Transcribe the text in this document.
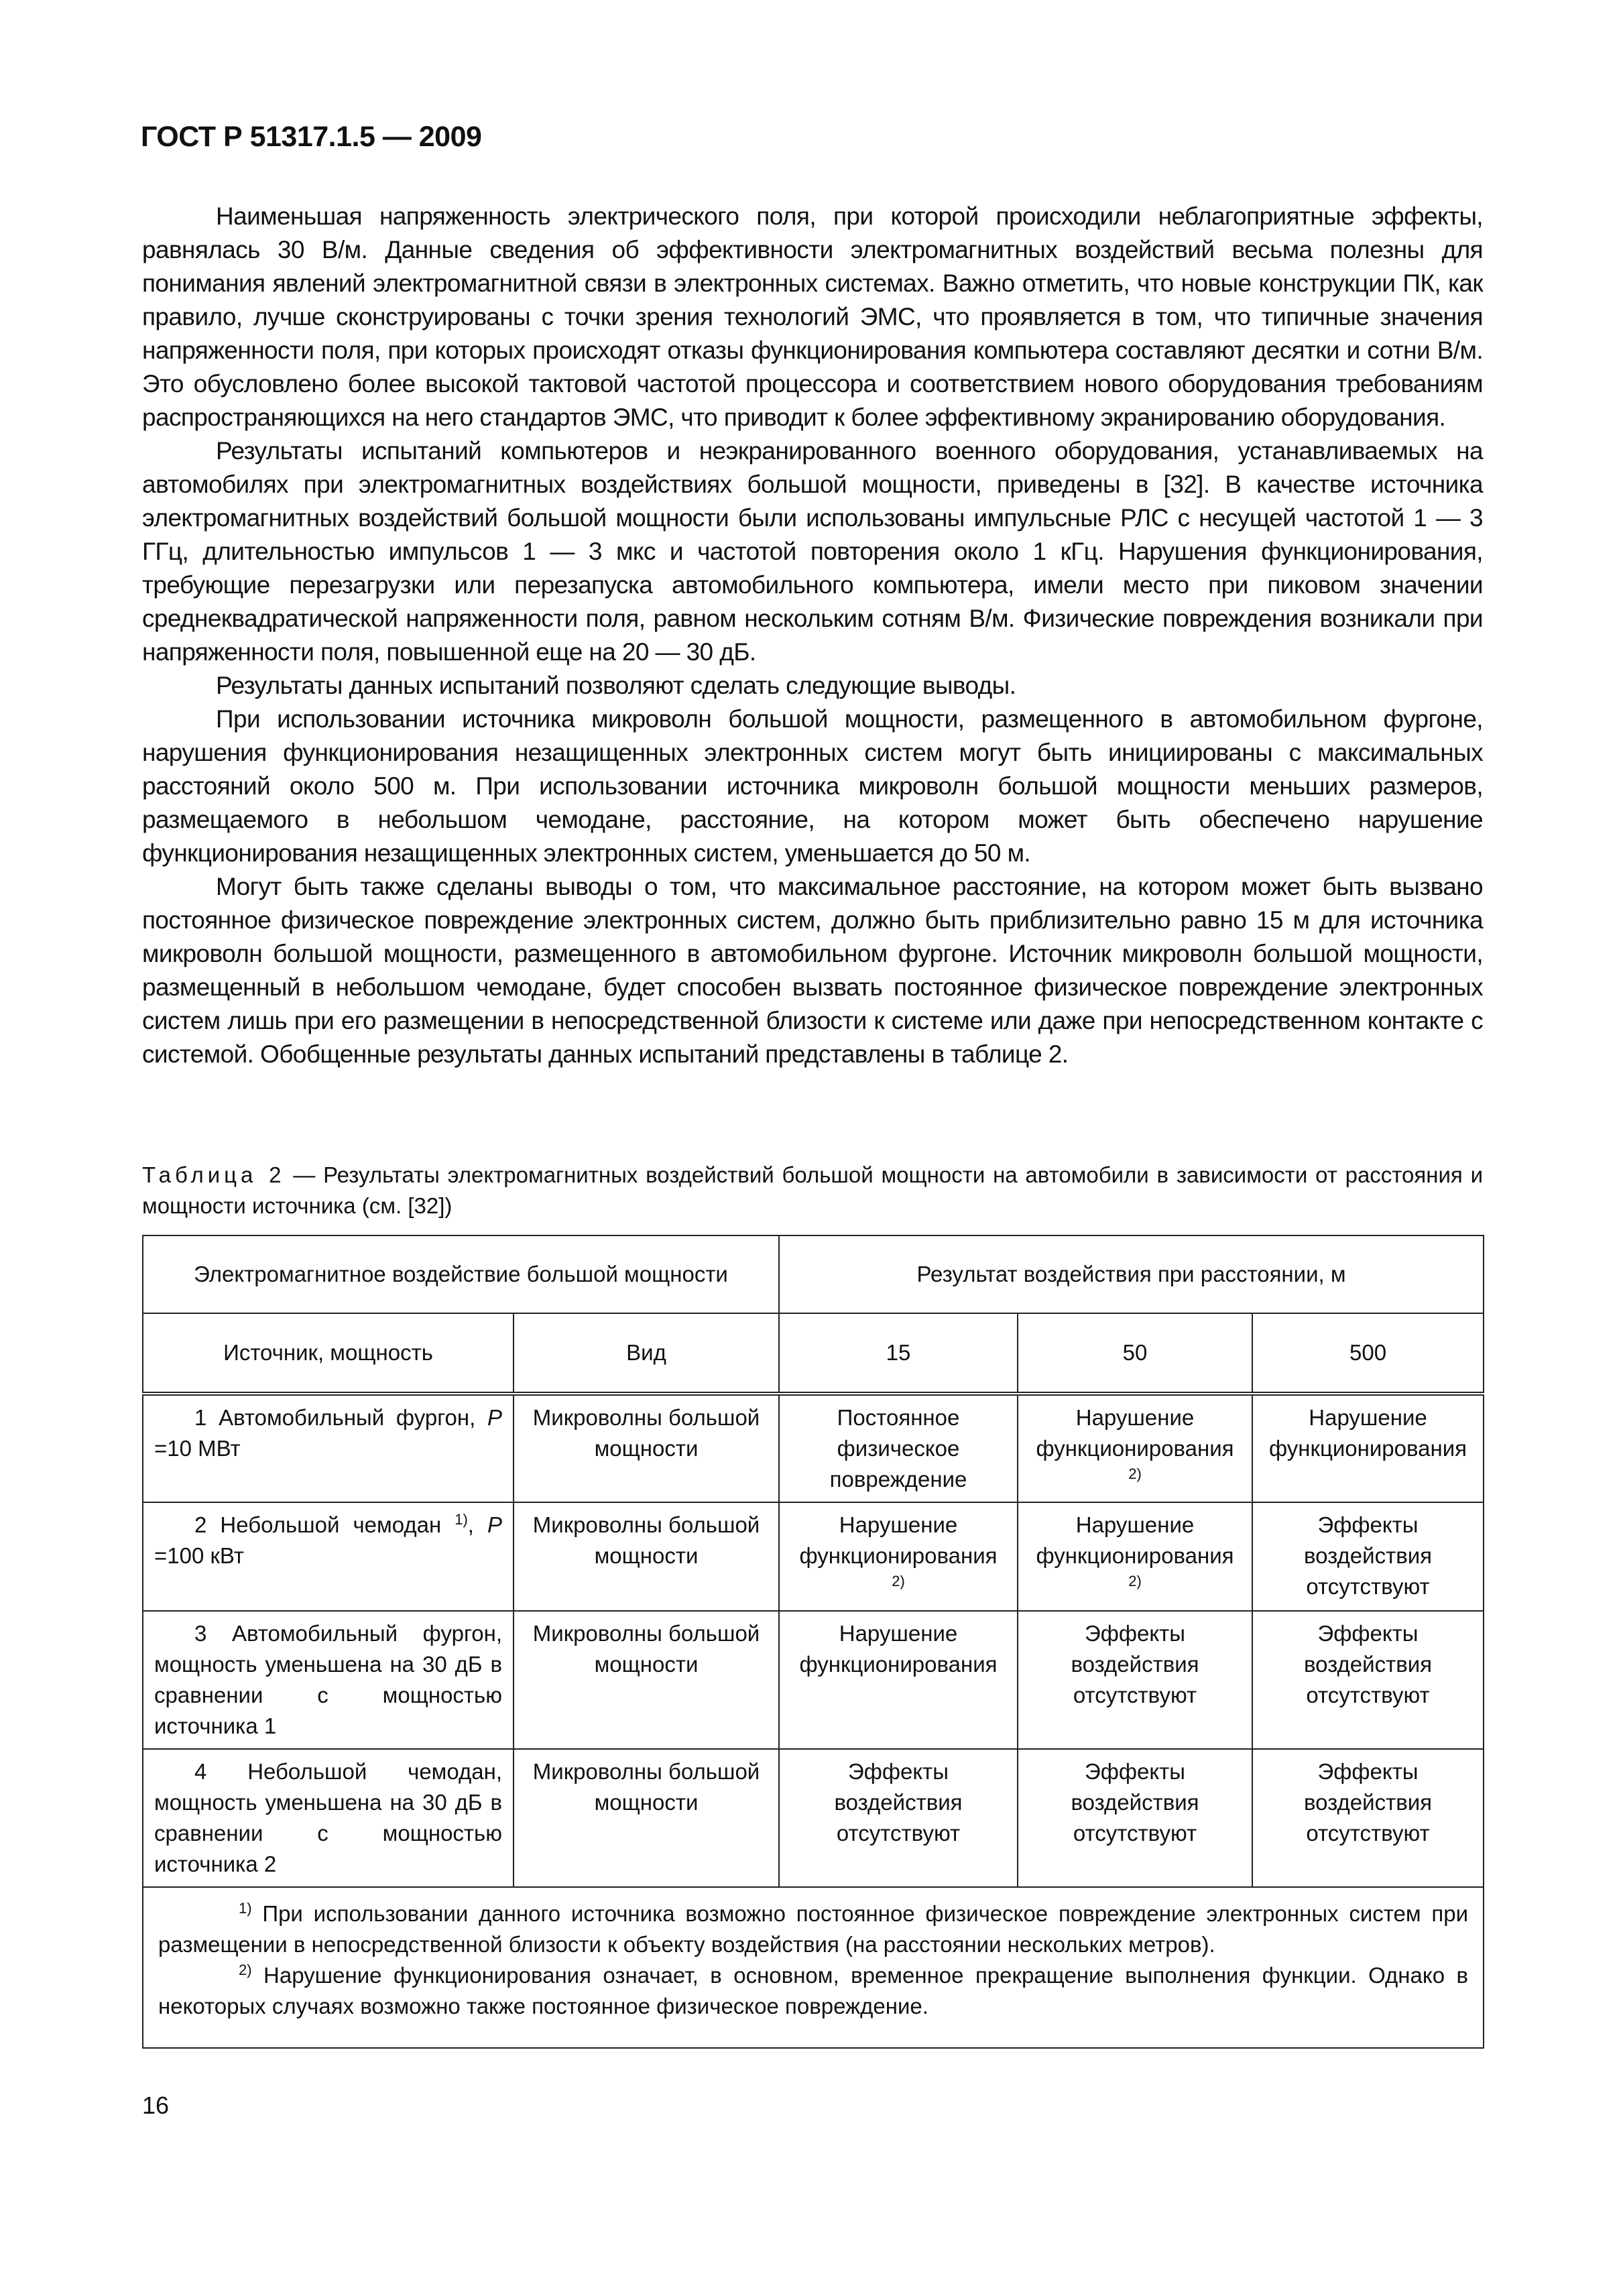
ГОСТ Р 51317.1.5 — 2009

Наименьшая напряженность электрического поля, при которой происходили неблагоприятные эффекты, равнялась 30 В/м. Данные сведения об эффективности электромагнитных воздействий весьма полезны для понимания явлений электромагнитной связи в электронных системах. Важно отметить, что новые конструкции ПК, как правило, лучше сконструированы с точки зрения технологий ЭМС, что проявляется в том, что типичные значения напряженности поля, при которых происходят отказы функционирования компьютера составляют десятки и сотни В/м. Это обусловлено более высокой тактовой частотой процессора и соответствием нового оборудования требованиям распространяющихся на него стандартов ЭМС, что приводит к более эффективному экранированию оборудования.

Результаты испытаний компьютеров и неэкранированного военного оборудования, устанавливаемых на автомобилях при электромагнитных воздействиях большой мощности, приведены в [32]. В качестве источника электромагнитных воздействий большой мощности были использованы импульсные РЛС с несущей частотой 1 — 3 ГГц, длительностью импульсов 1 — 3 мкс и частотой повторения около 1 кГц. Нарушения функционирования, требующие перезагрузки или перезапуска автомобильного компьютера, имели место при пиковом значении среднеквадратической напряженности поля, равном нескольким сотням В/м. Физические повреждения возникали при напряженности поля, повышенной еще на 20 — 30 дБ.

Результаты данных испытаний позволяют сделать следующие выводы.

При использовании источника микроволн большой мощности, размещенного в автомобильном фургоне, нарушения функционирования незащищенных электронных систем могут быть инициированы с максимальных расстояний около 500 м. При использовании источника микроволн большой мощности меньших размеров, размещаемого в небольшом чемодане, расстояние, на котором может быть обеспечено нарушение функционирования незащищенных электронных систем, уменьшается до 50 м.

Могут быть также сделаны выводы о том, что максимальное расстояние, на котором может быть вызвано постоянное физическое повреждение электронных систем, должно быть приблизительно равно 15 м для источника микроволн большой мощности, размещенного в автомобильном фургоне. Источник микроволн большой мощности, размещенный в небольшом чемодане, будет способен вызвать постоянное физическое повреждение электронных систем лишь при его размещении в непосредственной близости к системе или даже при непосредственном контакте с системой. Обобщенные результаты данных испытаний представлены в таблице 2.

Таблица 2 — Результаты электромагнитных воздействий большой мощности на автомобили в зависимости от расстояния и мощности источника (см. [32])
Электромагнитное воздействие большой мощности		Результат воздействия при расстоянии, м		
Источник, мощность	Вид	15	50	500
1 Автомобильный фургон, P =10 МВт	Микроволны большой мощности	Постоянное физическое повреждение	Нарушение функционирования $^{2)}$	Нарушение функционирования
2 Небольшой чемодан $^{1)}$, P =100 кВт	Микроволны большой мощности	Нарушение функционирования $^{2)}$	Нарушение функционирования $^{2)}$	Эффекты воздействия отсутствуют
3 Автомобильный фургон, мощность уменьшена на 30 дБ в сравнении с мощностью источника 1	Микроволны большой мощности	Нарушение функционирования	Эффекты воздействия отсутствуют	Эффекты воздействия отсутствуют
4 Небольшой чемодан, мощность уменьшена на 30 дБ в сравнении с мощностью источника 2	Микроволны большой мощности	Эффекты воздействия отсутствуют	Эффекты воздействия отсутствуют	Эффекты воздействия отсутствуют

$^{1)}$ При использовании данного источника возможно постоянное физическое повреждение электронных систем при размещении в непосредственной близости к объекту воздействия (на расстоянии нескольких метров).

$^{2)}$ Нарушение функционирования означает, в основном, временное прекращение выполнения функции. Однако в некоторых случаях возможно также постоянное физическое повреждение.				

16
